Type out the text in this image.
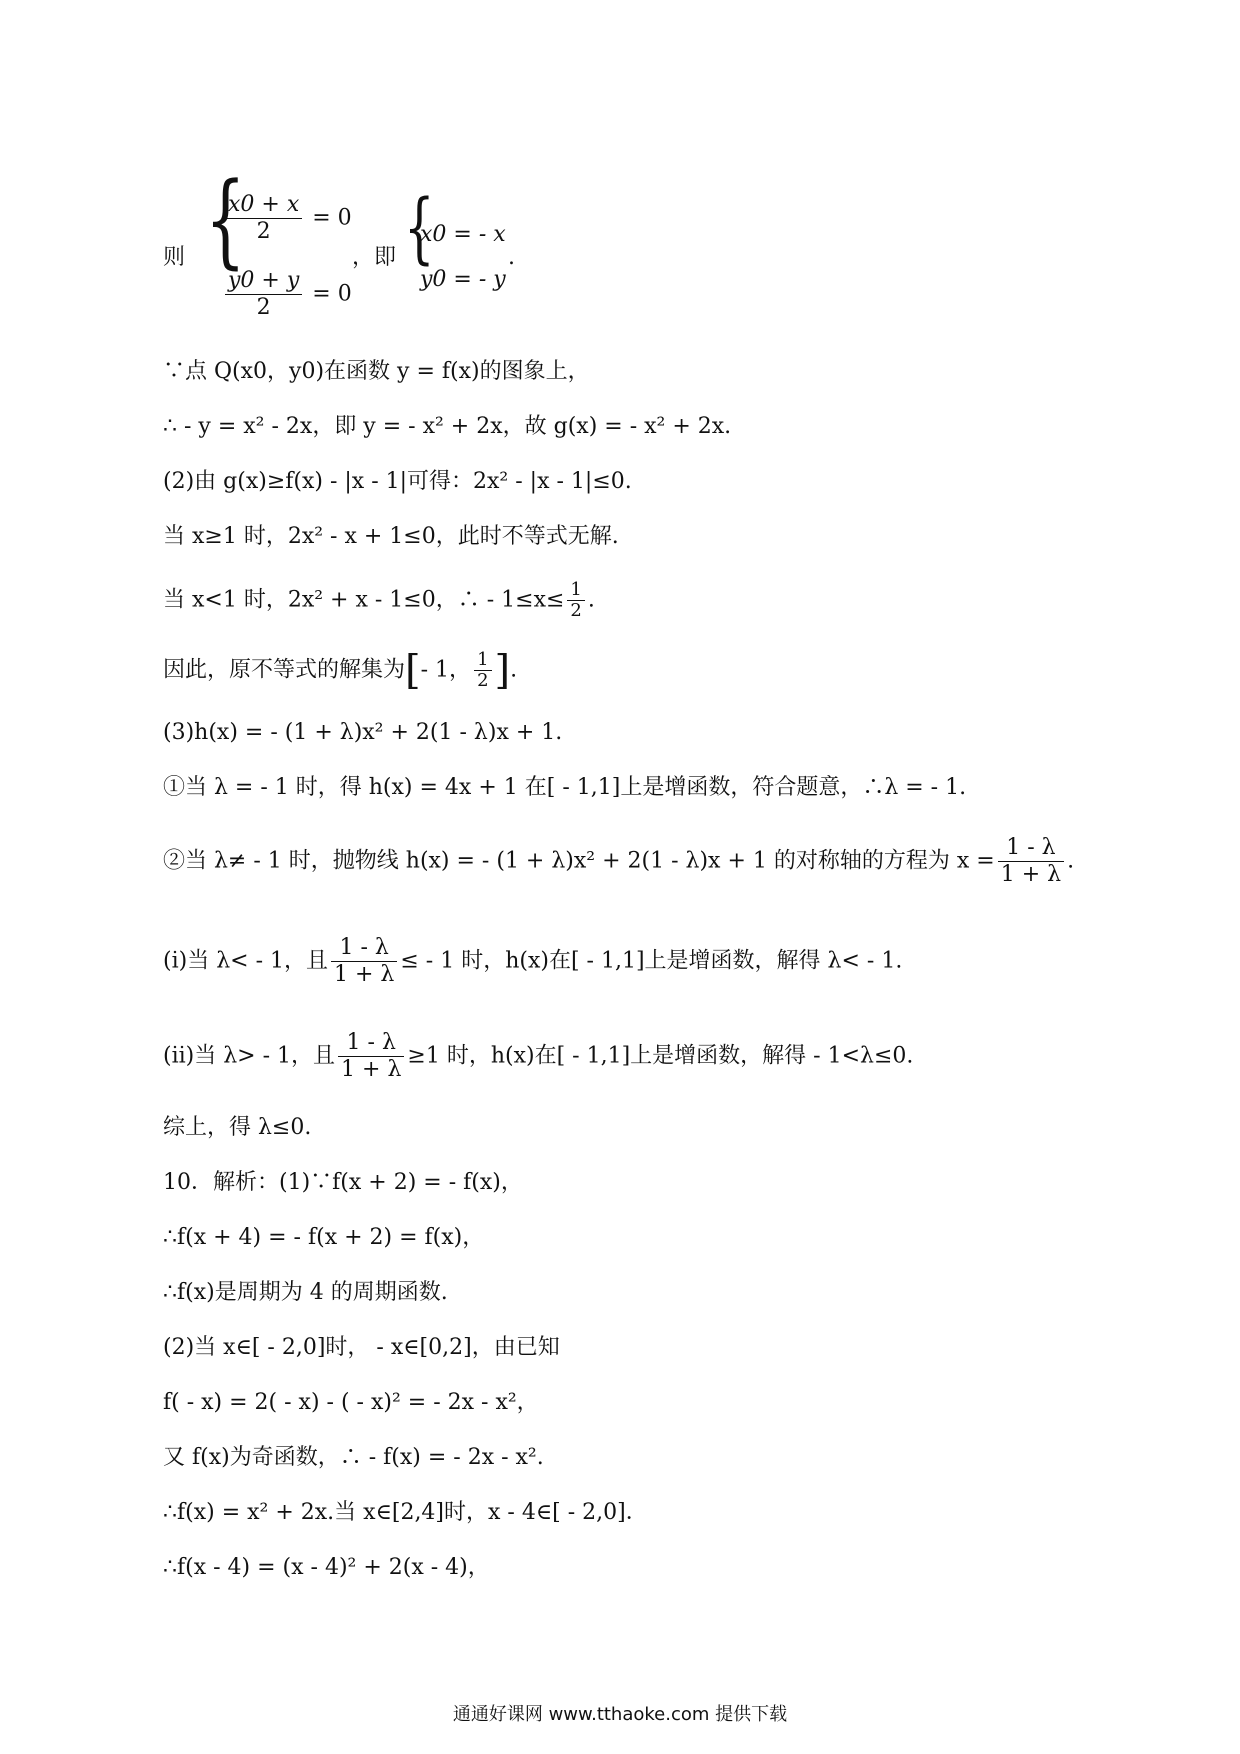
则 {
$\frac{x0 + x}{2} = 0$
$\frac{y0 + y}{2} = 0$
，即 {
x0 = - x
y0 = - y
.
∵点 Q(x0，y0)在函数 y = f(x)的图象上，
∴ - y = x² - 2x，即 y = - x² + 2x，故 g(x) = - x² + 2x.
(2)由 g(x)≥f(x) - |x - 1|可得：2x² - |x - 1|≤0.
当 x≥1 时，2x² - x + 1≤0，此时不等式无解.
当 x<1 时，2x² + x - 1≤0，∴ - $1\le x\le \frac{1}{2}$ .
因此，原不等式的解集为[- 1， $\frac{1}{2}$ ].
(3)h(x) = - (1 + λ)x² + 2(1 - λ)x + 1.
①当 λ = - 1 时，得 h(x) = 4x + 1 在[ - 1,1]上是增函数，符合题意，∴λ = - 1.
②当 λ≠ - 1 时，抛物线 h(x) = - (1 + λ)x² + 2(1 - λ)x + 1 的对称轴的方程为 $x = \frac{1 - \lambda}{1 + \lambda}$ .
(ⅰ)当 λ< - 1，且 $\frac{1 - \lambda}{1 + \lambda}$ ≤ - 1 时，h(x)在[ - 1,1]上是增函数，解得 λ< - 1.
(ⅱ)当 λ> - 1，且 $\frac{1 - \lambda}{1 + \lambda} \ge 1$ 时，h(x)在[ - 1,1]上是增函数，解得 - 1<λ≤0.
综上，得 λ≤0.
10．解析：(1)∵f(x + 2) = - f(x)，
∴f(x + 4) = - f(x + 2) = f(x)，
∴f(x)是周期为 4 的周期函数.
(2)当 x∈[ - 2,0]时， - x∈[0,2]，由已知
f( - x) = 2( - x) - ( - x)² = - 2x - x²，
又 f(x)为奇函数，∴ - f(x) = - 2x - x².
∴f(x) = x² + 2x.当 x∈[2,4]时，x - 4∈[ - 2,0]．
∴f(x - 4) = (x - 4)² + 2(x - 4)，
通通好课网 www.tthaoke.com 提供下载
